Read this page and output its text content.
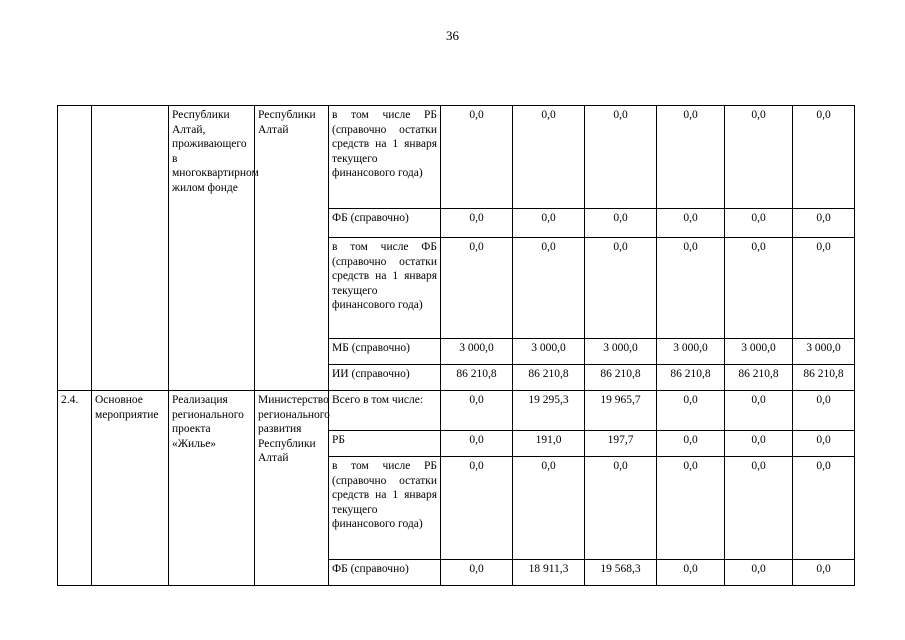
36
		Республики Алтай, проживающего в многоквартирном жилом фонде	Республики Алтай	в том числе РБ (справочно остатки средств на 1 января текущего финансового года)	0,0	0,0	0,0	0,0	0,0	0,0
				ФБ (справочно)	0,0	0,0	0,0	0,0	0,0	0,0
				в том числе ФБ (справочно остатки средств на 1 января текущего финансового года)	0,0	0,0	0,0	0,0	0,0	0,0
				МБ (справочно)	3 000,0	3 000,0	3 000,0	3 000,0	3 000,0	3 000,0
				ИИ (справочно)	86 210,8	86 210,8	86 210,8	86 210,8	86 210,8	86 210,8
2.4.	Основное мероприятие	Реализация регионального проекта «Жилье»	Министерство регионального развития Республики Алтай	Всего в том числе:	0,0	19 295,3	19 965,7	0,0	0,0	0,0
				РБ	0,0	191,0	197,7	0,0	0,0	0,0
				в том числе РБ (справочно остатки средств на 1 января текущего финансового года)	0,0	0,0	0,0	0,0	0,0	0,0
				ФБ (справочно)	0,0	18 911,3	19 568,3	0,0	0,0	0,0
